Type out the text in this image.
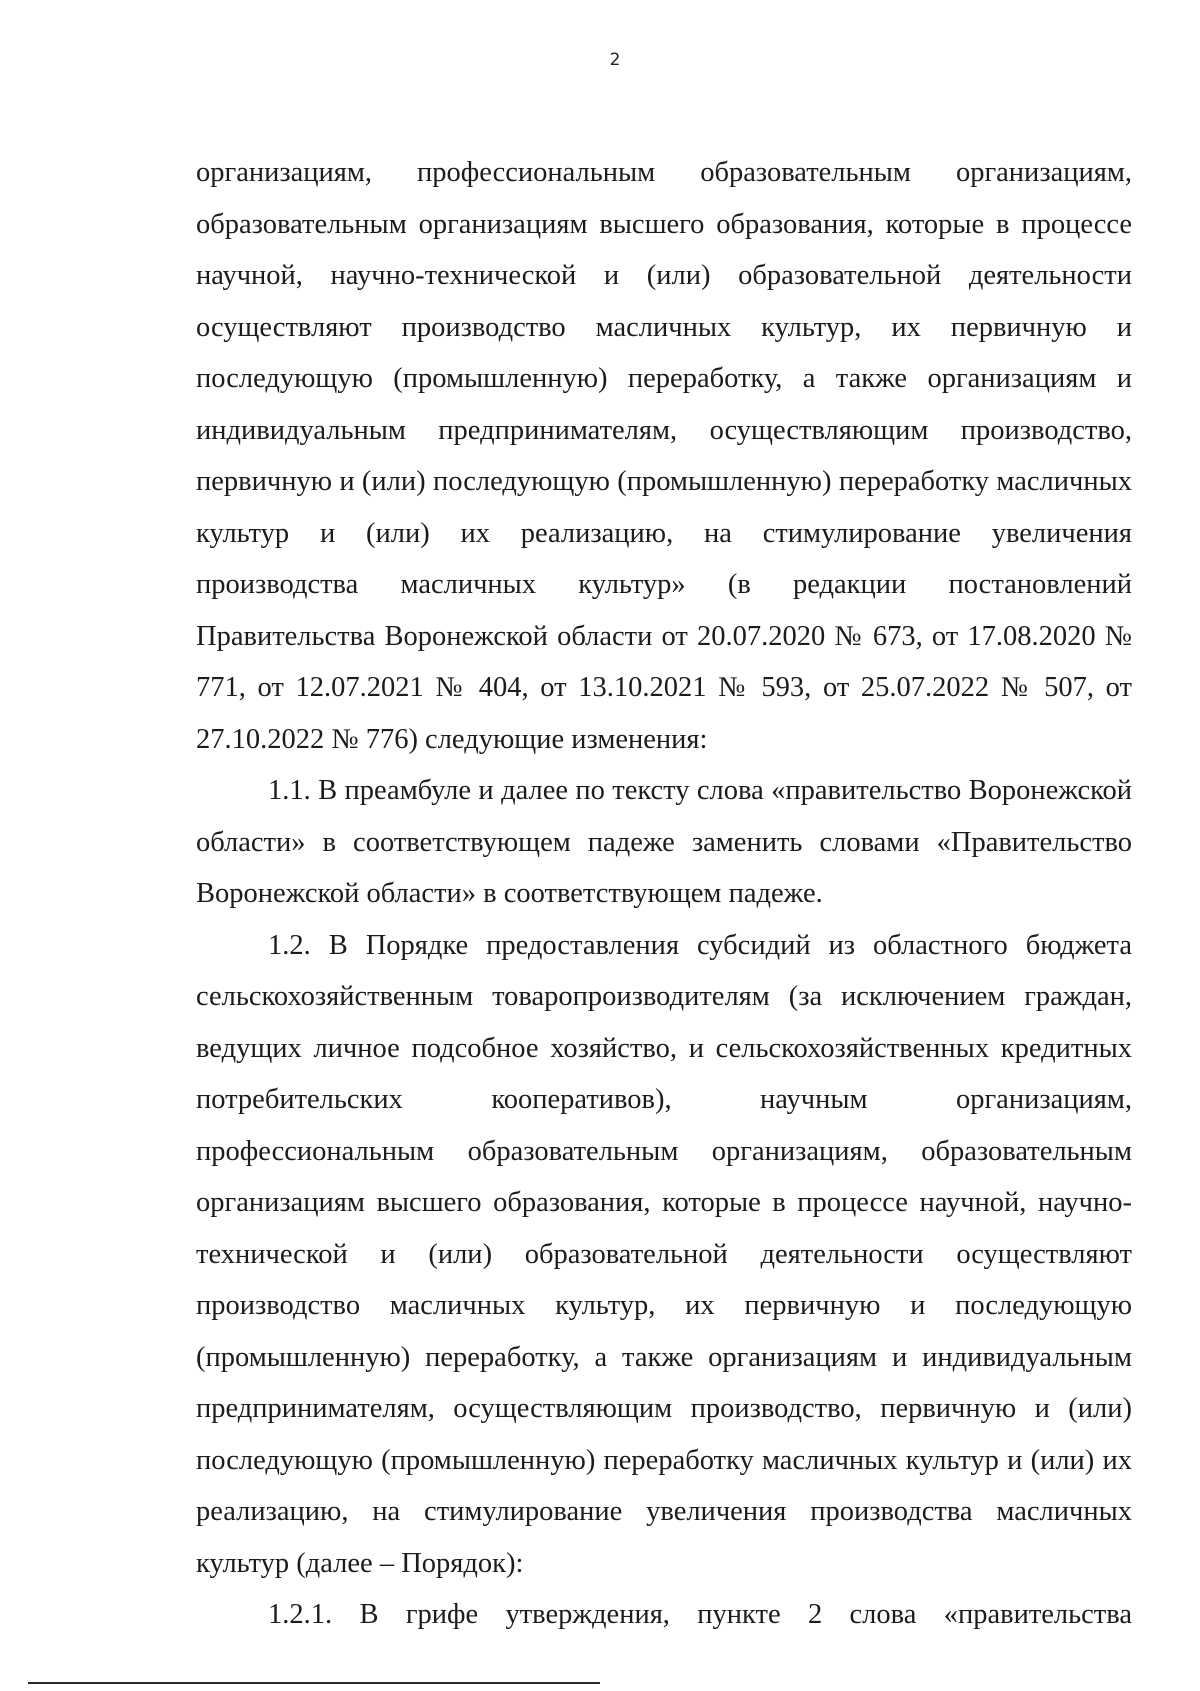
2

организациям, профессиональным образовательным организациям, образовательным организациям высшего образования, которые в процессе научной, научно-технической и (или) образовательной деятельности осуществляют производство масличных культур, их первичную и последующую (промышленную) переработку, а также организациям и индивидуальным предпринимателям, осуществляющим производство, первичную и (или) последующую (промышленную) переработку масличных культур и (или) их реализацию, на стимулирование увеличения производства масличных культур» (в редакции постановлений Правительства Воронежской области от 20.07.2020 № 673, от 17.08.2020 № 771, от 12.07.2021 № 404, от 13.10.2021 № 593, от 25.07.2022 № 507, от 27.10.2022 № 776) следующие изменения:

1.1. В преамбуле и далее по тексту слова «правительство Воронежской области» в соответствующем падеже заменить словами «Правительство Воронежской области» в соответствующем падеже.

1.2. В Порядке предоставления субсидий из областного бюджета сельскохозяйственным товаропроизводителям (за исключением граждан, ведущих личное подсобное хозяйство, и сельскохозяйственных кредитных потребительских кооперативов), научным организациям, профессиональным образовательным организациям, образовательным организациям высшего образования, которые в процессе научной, научно-технической и (или) образовательной деятельности осуществляют производство масличных культур, их первичную и последующую (промышленную) переработку, а также организациям и индивидуальным предпринимателям, осуществляющим производство, первичную и (или) последующую (промышленную) переработку масличных культур и (или) их реализацию, на стимулирование увеличения производства масличных культур (далее – Порядок):

1.2.1. В грифе утверждения, пункте 2 слова «правительства
